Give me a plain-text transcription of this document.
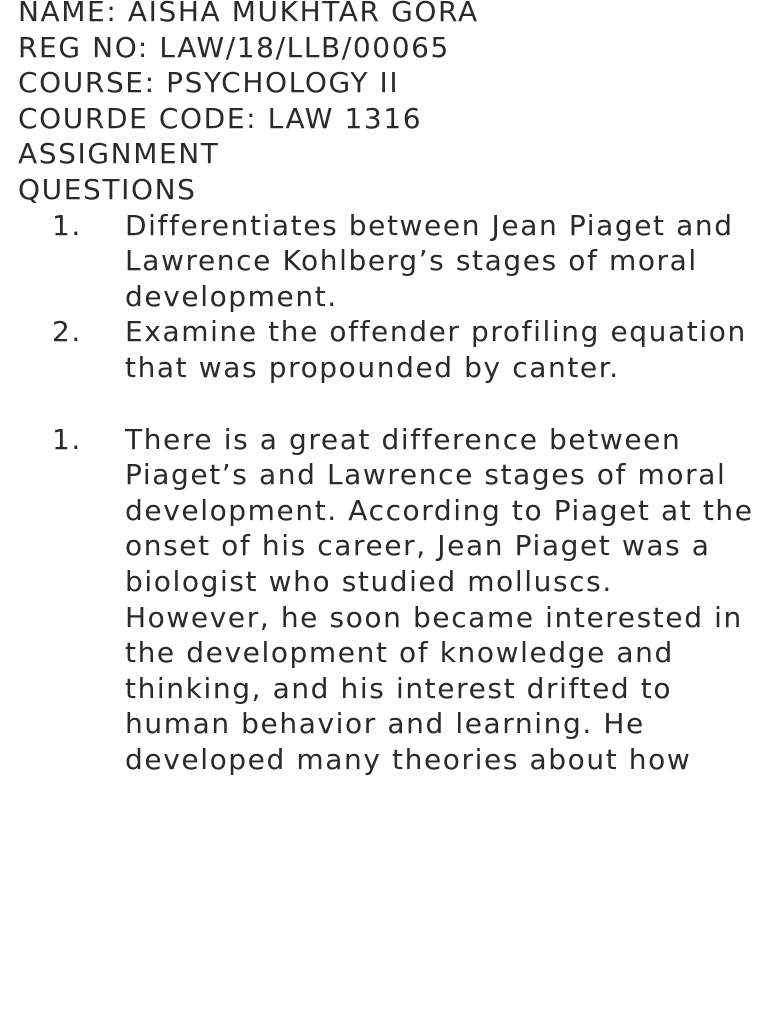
NAME: AISHA MUKHTAR GORA
REG NO: LAW/18/LLB/00065
COURSE: PSYCHOLOGY II
COURDE CODE: LAW 1316
ASSIGNMENT
QUESTIONS
1. Differentiates between Jean Piaget and Lawrence Kohlberg’s stages of moral development.
2. Examine the offender profiling equation that was propounded by canter.
1. There is a great difference between Piaget’s and Lawrence stages of moral development. According to Piaget at the onset of his career, Jean Piaget was a biologist who studied molluscs. However, he soon became interested in the development of knowledge and thinking, and his interest drifted to human behavior and learning. He developed many theories about how
